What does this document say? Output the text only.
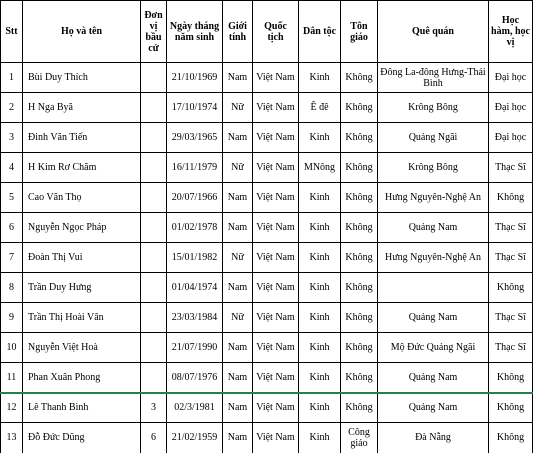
Stt	Họ và tên	Đơn vị bầu cử	Ngày tháng năm sinh	Giới tính	Quốc tịch	Dân tộc	Tôn giáo	Quê quán	Học hàm, học vị
1	Bùi Duy Thích		21/10/1969	Nam	Việt Nam	Kinh	Không	Đông La-đông Hưng-Thái Bình	Đại học
2	H Nga Byă		17/10/1974	Nữ	Việt Nam	Ê đê	Không	Krông Bông	Đại học
3	Đinh Văn Tiến		29/03/1965	Nam	Việt Nam	Kinh	Không	Quảng Ngãi	Đại học
4	H Kim Rơ Chăm		16/11/1979	Nữ	Việt Nam	MNông	Không	Krông Bông	Thạc Sĩ
5	Cao Văn Thọ		20/07/1966	Nam	Việt Nam	Kinh	Không	Hưng Nguyên-Nghệ An	Không
6	Nguyễn Ngọc Pháp		01/02/1978	Nam	Việt Nam	Kinh	Không	Quảng Nam	Thạc Sĩ
7	Đoàn Thị Vui		15/01/1982	Nữ	Việt Nam	Kinh	Không	Hưng Nguyên-Nghệ An	Thạc Sĩ
8	Trần Duy Hưng		01/04/1974	Nam	Việt Nam	Kinh	Không		Không
9	Trần Thị Hoài Vân		23/03/1984	Nữ	Việt Nam	Kinh	Không	Quảng Nam	Thạc Sĩ
10	Nguyễn Việt Hoà		21/07/1990	Nam	Việt Nam	Kinh	Không	Mộ Đức Quảng Ngãi	Thạc Sĩ
11	Phan Xuân Phong		08/07/1976	Nam	Việt Nam	Kinh	Không	Quảng Nam	Không
12	Lê Thanh Bình	3	02/3/1981	Nam	Việt Nam	Kinh	Không	Quảng Nam	Không
13	Đỗ Đức Dũng	6	21/02/1959	Nam	Việt Nam	Kinh	Công giáo	Đà Nẵng	Không
